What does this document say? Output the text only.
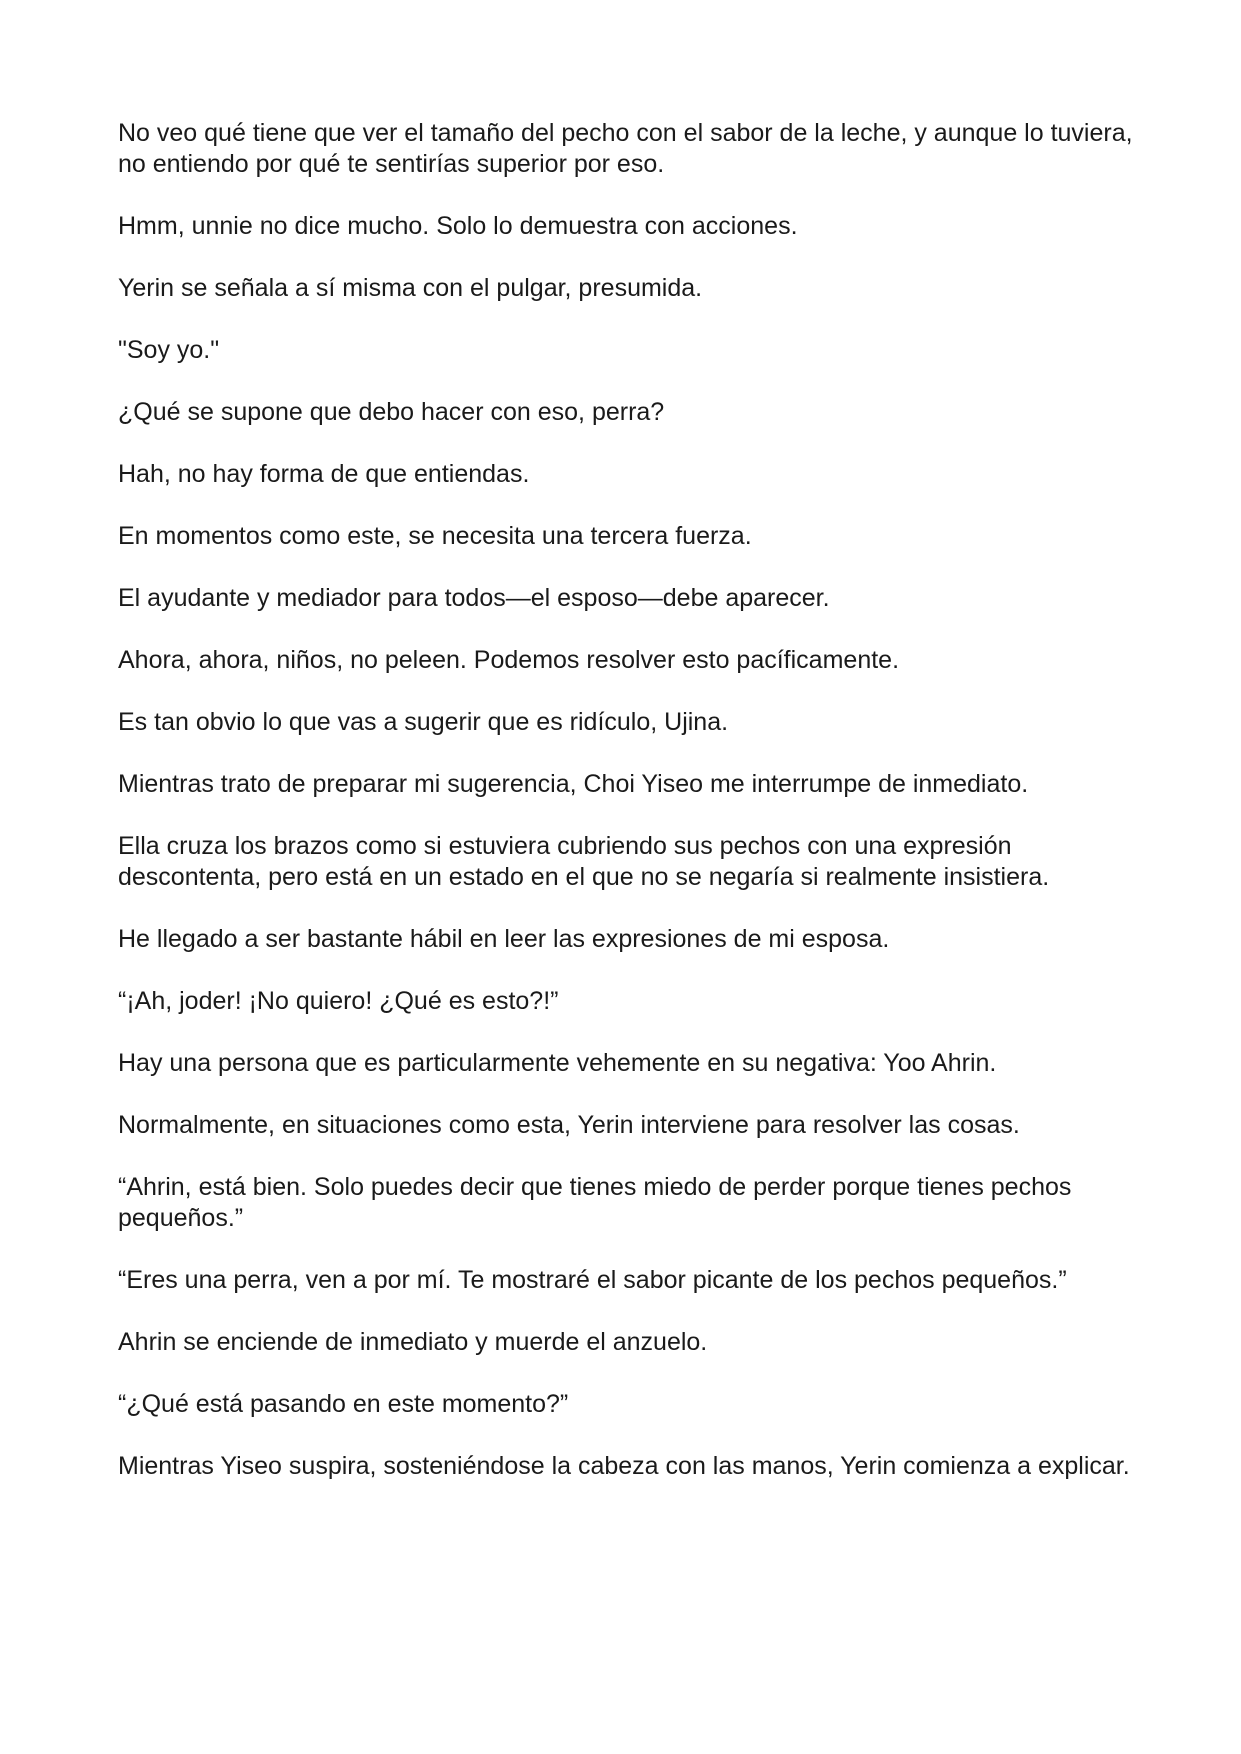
No veo qué tiene que ver el tamaño del pecho con el sabor de la leche, y aunque lo tuviera, no entiendo por qué te sentirías superior por eso.

Hmm, unnie no dice mucho. Solo lo demuestra con acciones.

Yerin se señala a sí misma con el pulgar, presumida.

"Soy yo."

¿Qué se supone que debo hacer con eso, perra?

Hah, no hay forma de que entiendas.

En momentos como este, se necesita una tercera fuerza.

El ayudante y mediador para todos—el esposo—debe aparecer.

Ahora, ahora, niños, no peleen. Podemos resolver esto pacíficamente.

Es tan obvio lo que vas a sugerir que es ridículo, Ujina.

Mientras trato de preparar mi sugerencia, Choi Yiseo me interrumpe de inmediato.

Ella cruza los brazos como si estuviera cubriendo sus pechos con una expresión descontenta, pero está en un estado en el que no se negaría si realmente insistiera.

He llegado a ser bastante hábil en leer las expresiones de mi esposa.

“¡Ah, joder! ¡No quiero! ¿Qué es esto?!”

Hay una persona que es particularmente vehemente en su negativa: Yoo Ahrin.

Normalmente, en situaciones como esta, Yerin interviene para resolver las cosas.

“Ahrin, está bien. Solo puedes decir que tienes miedo de perder porque tienes pechos pequeños.”

“Eres una perra, ven a por mí. Te mostraré el sabor picante de los pechos pequeños.”

Ahrin se enciende de inmediato y muerde el anzuelo.

“¿Qué está pasando en este momento?”

Mientras Yiseo suspira, sosteniéndose la cabeza con las manos, Yerin comienza a explicar.
